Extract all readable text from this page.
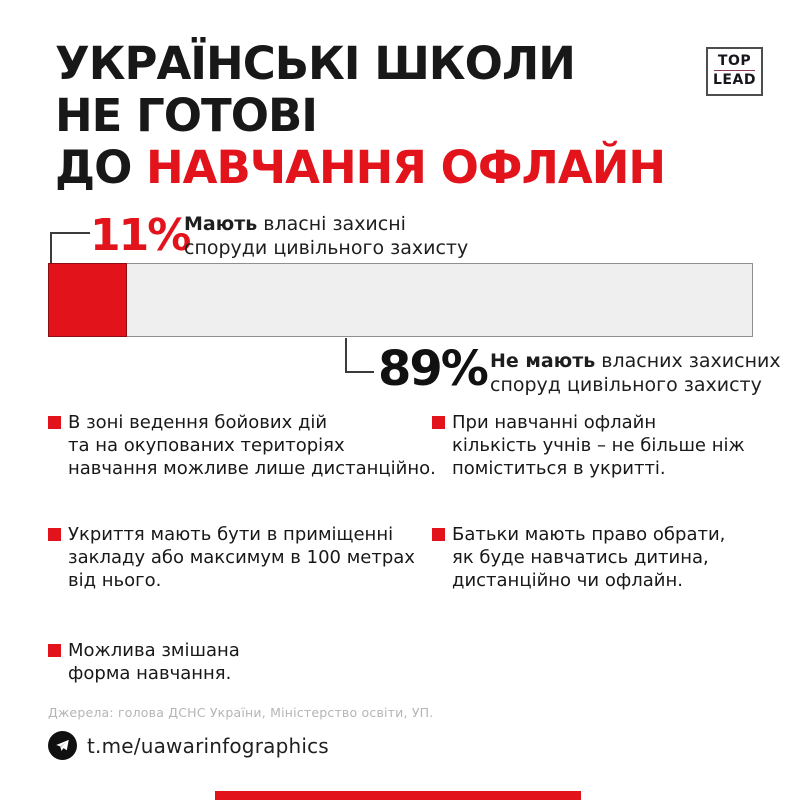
УКРАЇНСЬКІ ШКОЛИ
НЕ ГОТОВІ
ДО НАВЧАННЯ ОФЛАЙН
TOP
LEAD
11%
Мають власні захисні
споруди цивільного захисту
89% Не мають власних захисних
споруд цивільного захисту
В зоні ведення бойових дій
та на окупованих територіях
навчання можливе лише дистанційно.
При навчанні офлайн
кількість учнів – не більше ніж
поміститься в укритті.
Укриття мають бути в приміщенні
закладу або максимум в 100 метрах
від нього.
Батьки мають право обрати,
як буде навчатись дитина,
дистанційно чи офлайн.
Можлива змішана
форма навчання.
Джерела: голова ДСНС України, Міністерство освіти, УП.
t.me/uawarinfographics
